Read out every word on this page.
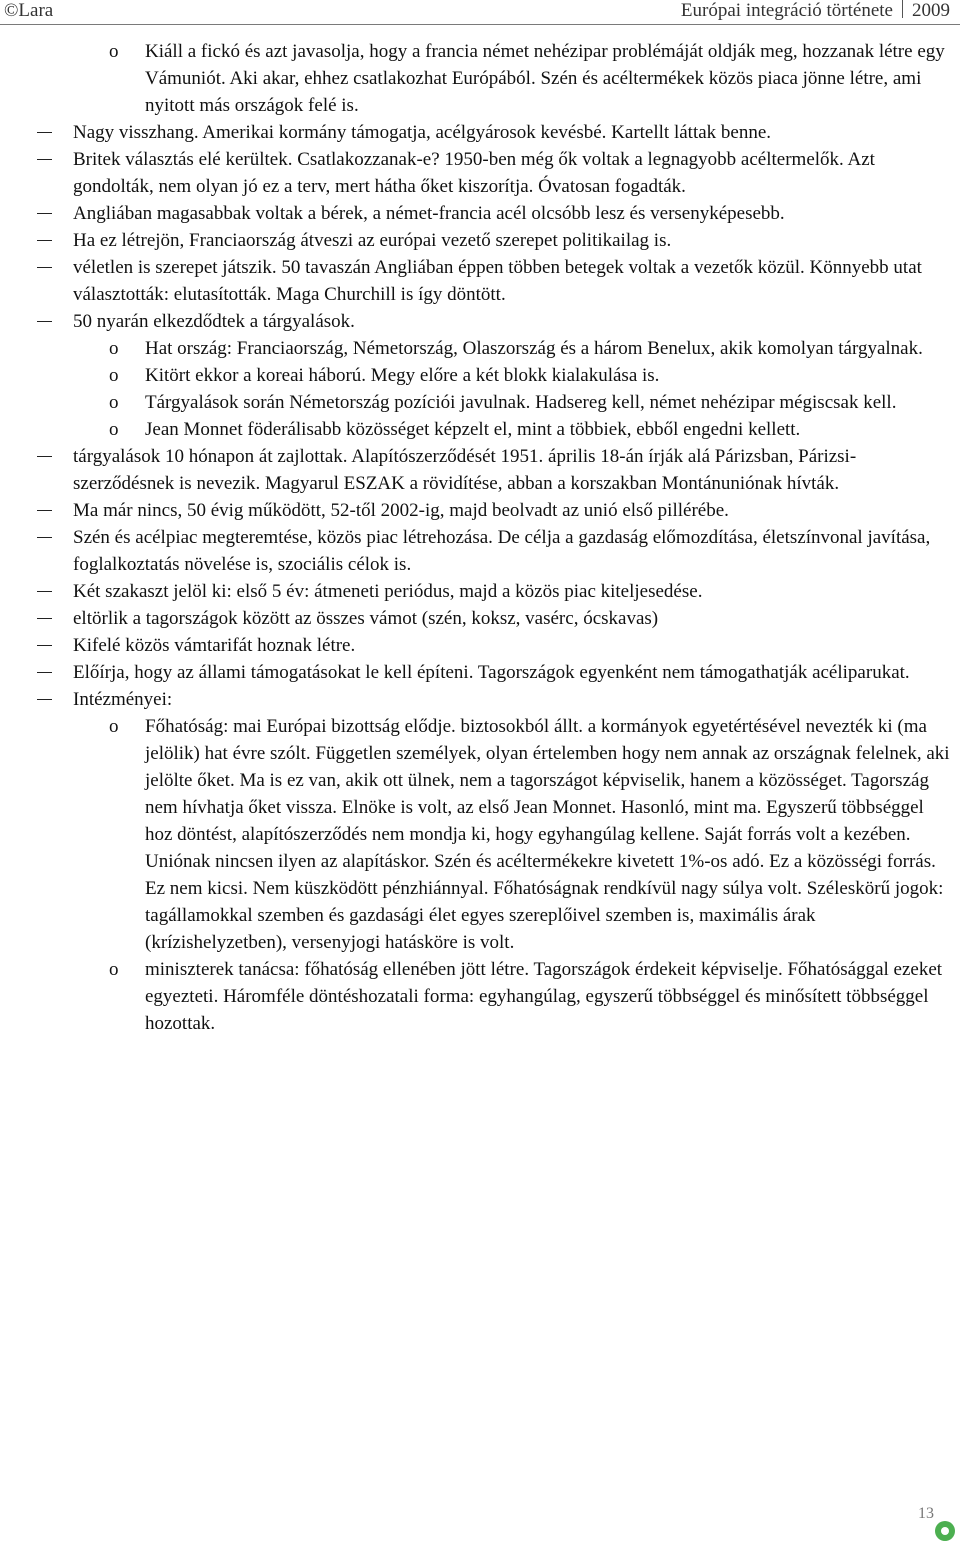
©Lara	Európai integráció története 2009
o Kiáll a fickó és azt javasolja, hogy a francia német nehézipar problémáját oldják meg, hozzanak létre egy Vámuniót. Aki akar, ehhez csatlakozhat Európából. Szén és acéltermékek közös piaca jönne létre, ami nyitott más országok felé is.
Nagy visszhang. Amerikai kormány támogatja, acélgyárosok kevésbé. Kartellt láttak benne.
Britek választás elé kerültek. Csatlakozzanak-e? 1950-ben még ők voltak a legnagyobb acéltermelők. Azt gondolták, nem olyan jó ez a terv, mert hátha őket kiszorítja. Óvatosan fogadták.
Angliában magasabbak voltak a bérek, a német-francia acél olcsóbb lesz és versenyképesebb.
Ha ez létrejön, Franciaország átveszi az európai vezető szerepet politikailag is.
véletlen is szerepet játszik. 50 tavaszán Angliában éppen többen betegek voltak a vezetők közül. Könnyebb utat választották: elutasították. Maga Churchill is így döntött.
50 nyarán elkezdődtek a tárgyalások.
o Hat ország: Franciaország, Németország, Olaszország és a három Benelux, akik komolyan tárgyalnak.
o Kitört ekkor a koreai háború. Megy előre a két blokk kialakulása is.
o Tárgyalások során Németország pozíciói javulnak. Hadsereg kell, német nehézipar mégiscsak kell.
o Jean Monnet föderálisabb közösséget képzelt el, mint a többiek, ebből engedni kellett.
tárgyalások 10 hónapon át zajlottak. Alapítószerződését 1951. április 18-án írják alá Párizsban, Párizsi-szerződésnek is nevezik. Magyarul ESZAK a rövidítése, abban a korszakban Montánuniónak hívták.
Ma már nincs, 50 évig működött, 52-től 2002-ig, majd beolvadt az unió első pillérébe.
Szén és acélpiac megteremtése, közös piac létrehozása. De célja a gazdaság előmozdítása, életszínvonal javítása, foglalkoztatás növelése is, szociális célok is.
Két szakaszt jelöl ki: első 5 év: átmeneti periódus, majd a közös piac kiteljesedése.
eltörlik a tagországok között az összes vámot (szén, koksz, vasérc, ócskavas)
Kifelé közös vámtarifát hoznak létre.
Előírja, hogy az állami támogatásokat le kell építeni. Tagországok egyenként nem támogathatják acéliparukat.
Intézményei:
o Főhatóság: mai Európai bizottság elődje. biztosokból állt. a kormányok egyetértésével nevezték ki (ma jelölik) hat évre szólt. Független személyek, olyan értelemben hogy nem annak az országnak felelnek, aki jelölte őket. Ma is ez van, akik ott ülnek, nem a tagországot képviselik, hanem a közösséget. Tagország nem hívhatja őket vissza. Elnöke is volt, az első Jean Monnet. Hasonló, mint ma. Egyszerű többséggel hoz döntést, alapítószerződés nem mondja ki, hogy egyhangúlag kellene. Saját forrás volt a kezében. Uniónak nincsen ilyen az alapításkor. Szén és acéltermékekre kivetett 1%-os adó. Ez a közösségi forrás. Ez nem kicsi. Nem küszködött pénzhiánnyal. Főhatóságnak rendkívül nagy súlya volt. Széleskörű jogok: tagállamokkal szemben és gazdasági élet egyes szereplőivel szemben is, maximális árak (krízishelyzetben), versenyjogi hatásköre is volt.
o miniszterek tanácsa: főhatóság ellenében jött létre. Tagországok érdekeit képviselje. Főhatósággal ezeket egyezteti. Háromféle döntéshozatali forma: egyhangúlag, egyszerű többséggel és minősített többséggel hozottak.
13
